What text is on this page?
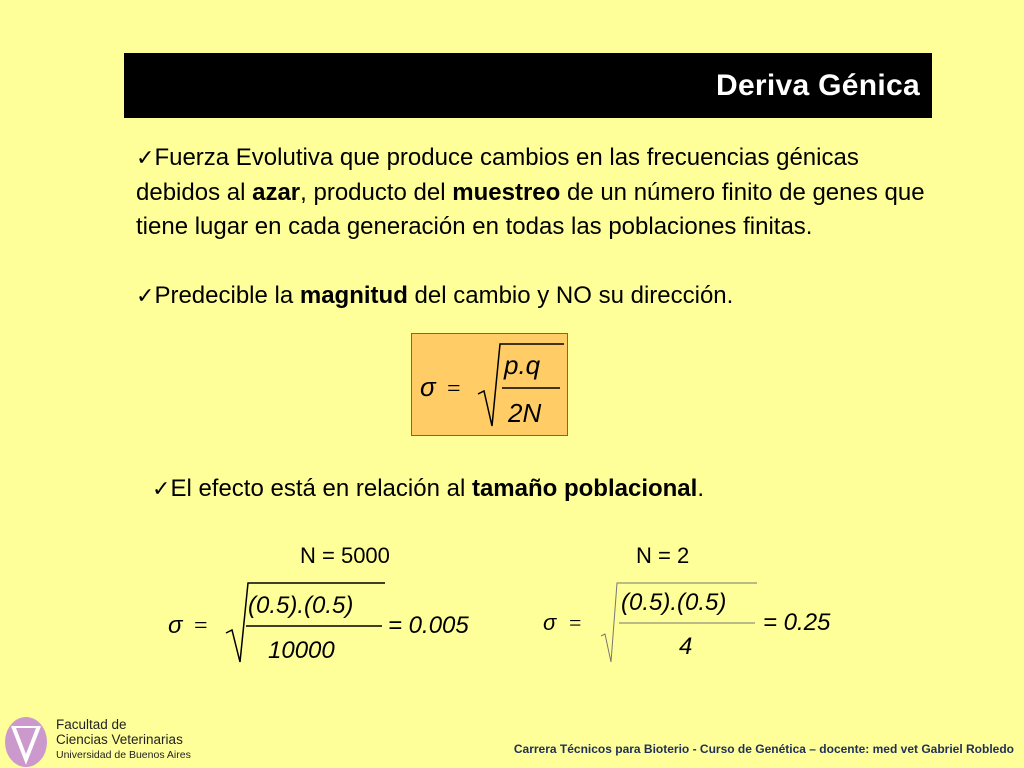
Deriva Génica
✓Fuerza Evolutiva que produce cambios en las frecuencias génicas debidos al azar, producto del muestreo de un número finito de genes que tiene lugar en cada generación en todas las poblaciones finitas.
✓Predecible la magnitud del cambio y NO su dirección.
σ =
p.q
2N
✓El efecto está en relación al tamaño poblacional.
N = 5000	N = 2
σ =
(0.5).(0.5)
10000
= 0.005	σ =
(0.5).(0.5)
4
= 0.25
Facultad de
Ciencias Veterinarias
Universidad de Buenos Aires	Carrera Técnicos para Bioterio - Curso de Genética – docente: med vet Gabriel Robledo
